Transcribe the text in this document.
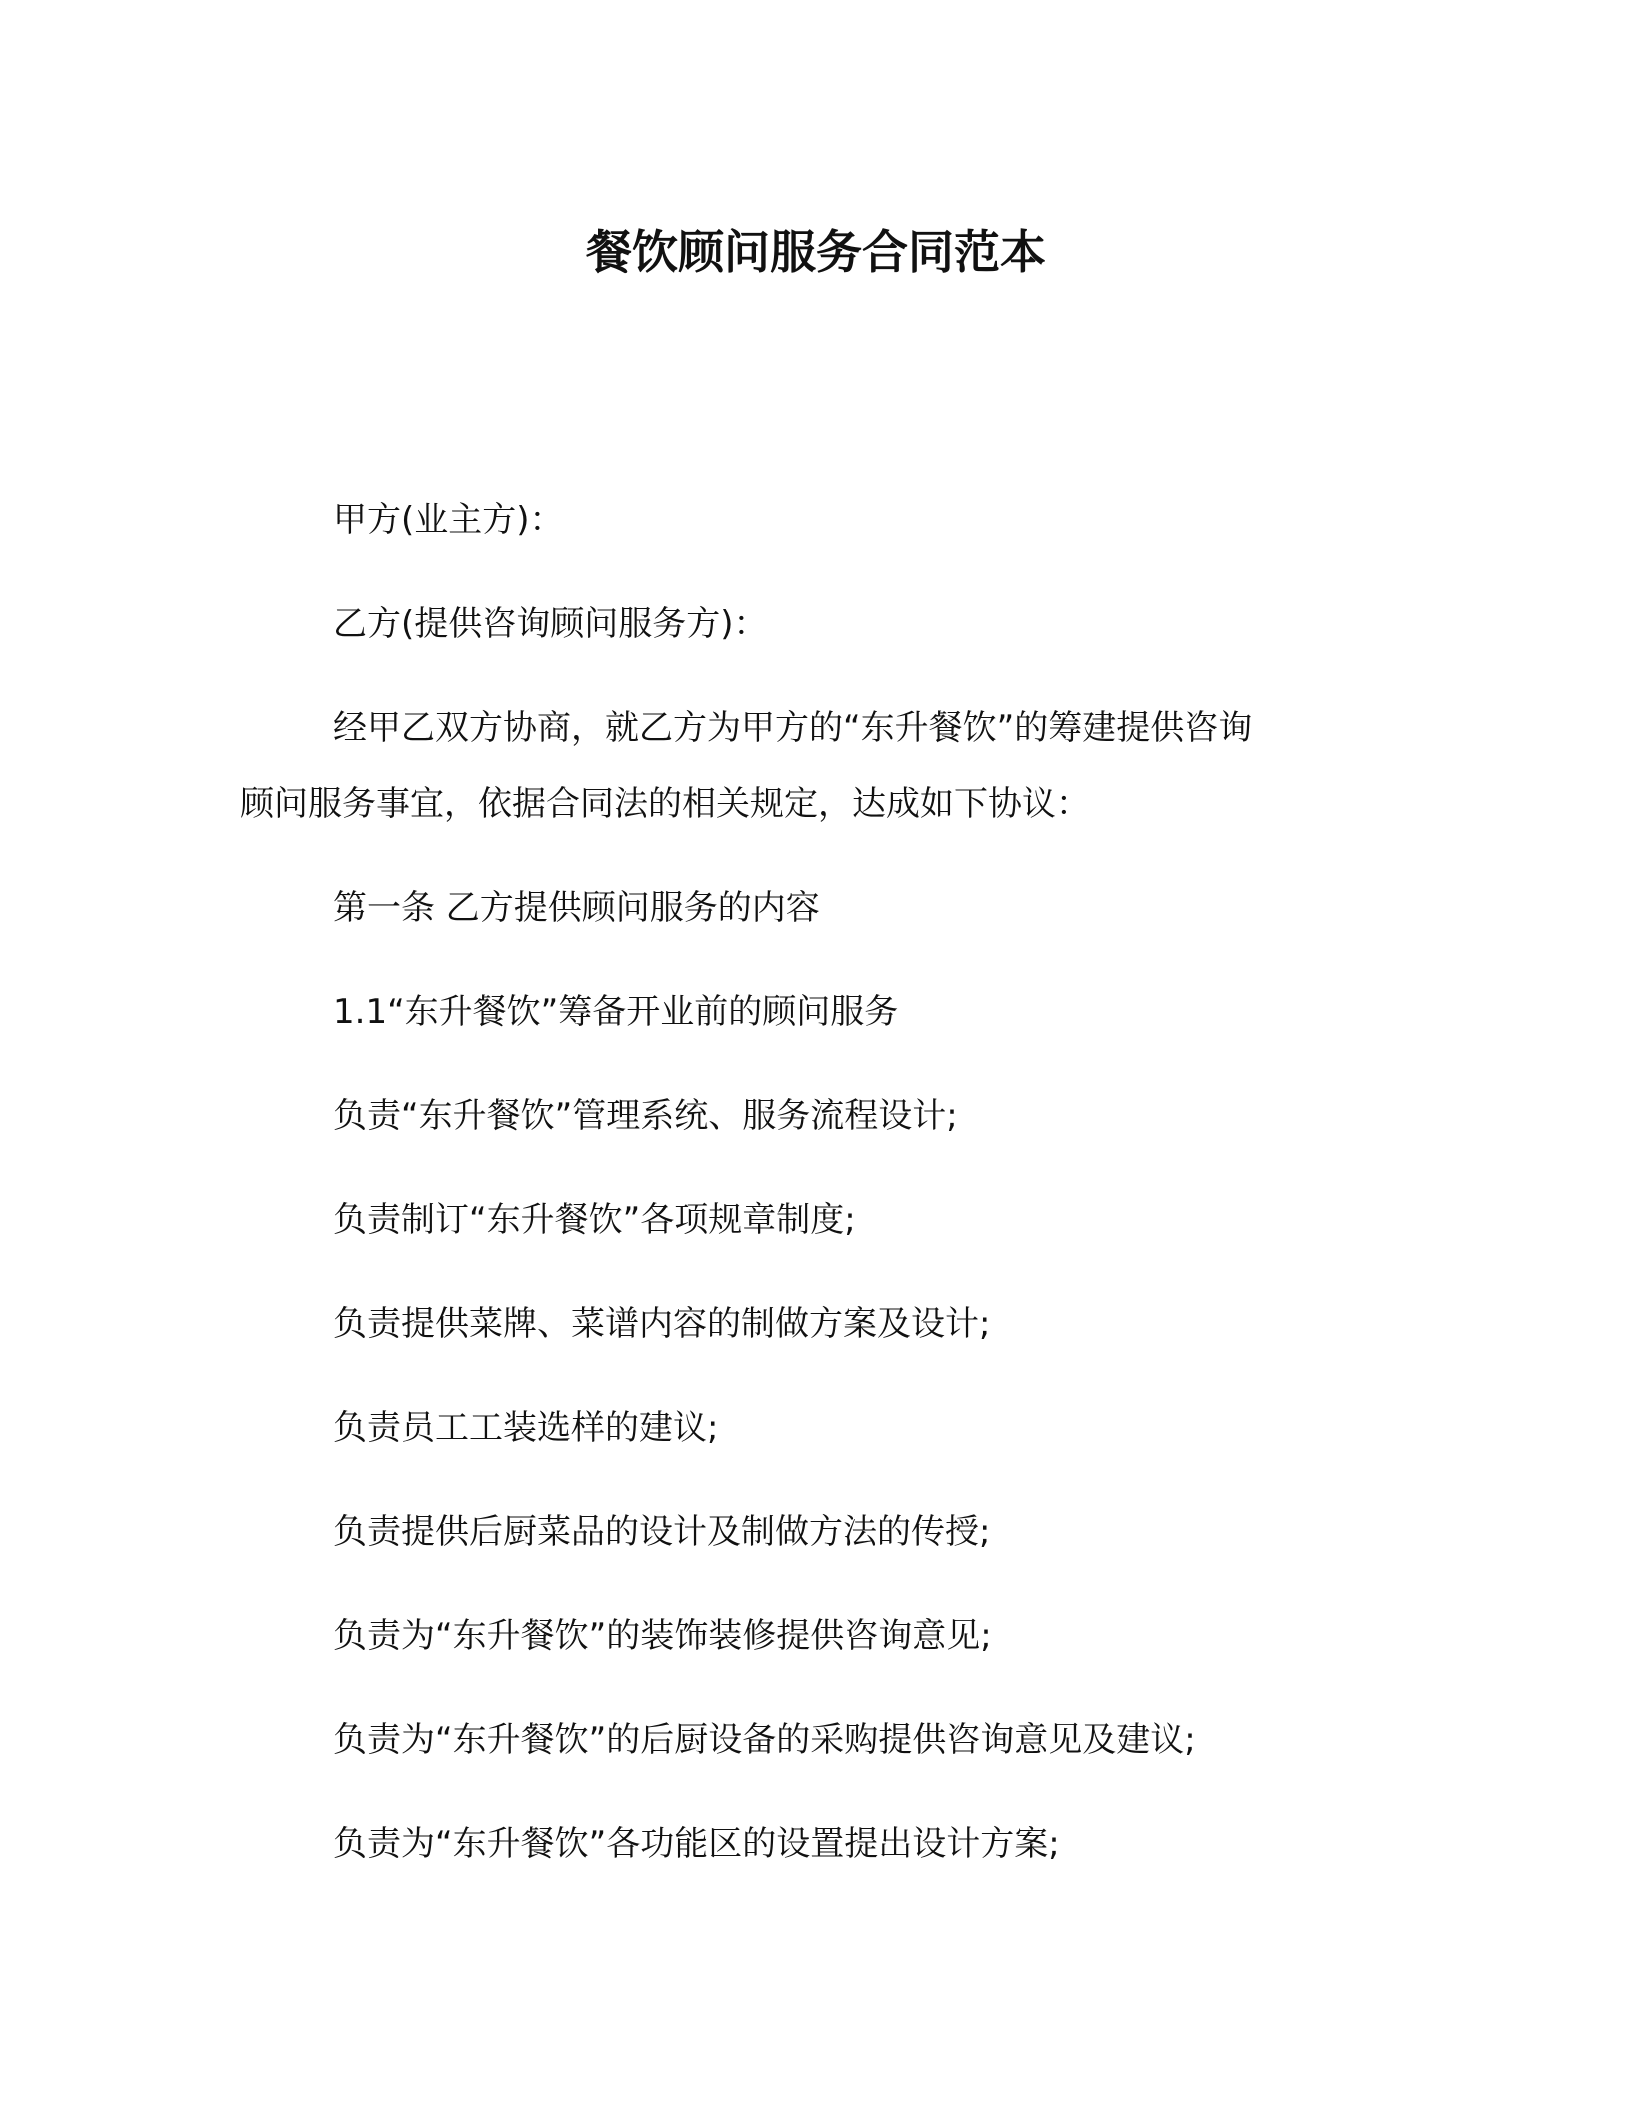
餐饮顾问服务合同范本
甲方(业主方)：
乙方(提供咨询顾问服务方)：
经甲乙双方协商，就乙方为甲方的“东升餐饮”的筹建提供咨询
顾问服务事宜，依据合同法的相关规定，达成如下协议：
第一条 乙方提供顾问服务的内容
1.1“东升餐饮”筹备开业前的顾问服务
负责“东升餐饮”管理系统、服务流程设计;
负责制订“东升餐饮”各项规章制度;
负责提供菜牌、菜谱内容的制做方案及设计;
负责员工工装选样的建议;
负责提供后厨菜品的设计及制做方法的传授;
负责为“东升餐饮”的装饰装修提供咨询意见;
负责为“东升餐饮”的后厨设备的采购提供咨询意见及建议;
负责为“东升餐饮”各功能区的设置提出设计方案;
